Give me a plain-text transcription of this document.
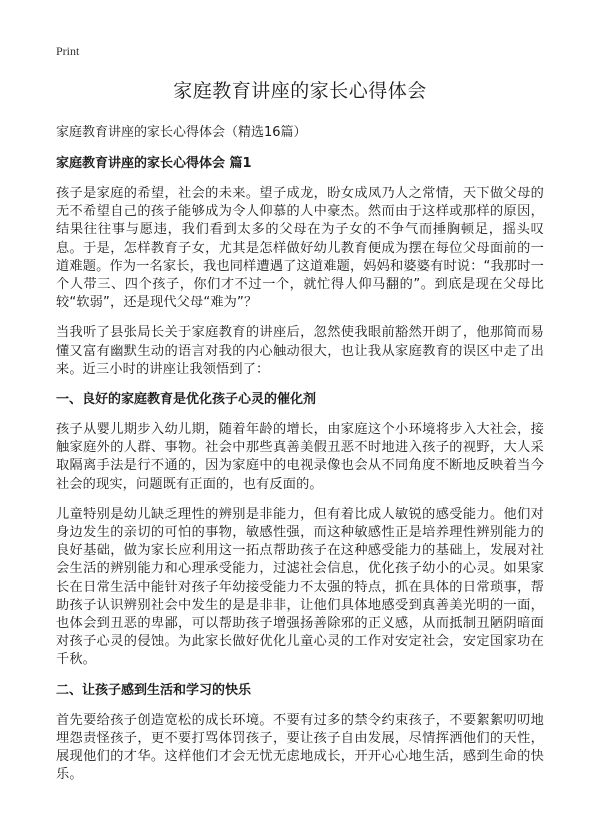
Print
家庭教育讲座的家长心得体会
家庭教育讲座的家长心得体会（精选16篇）
家庭教育讲座的家长心得体会 篇1

孩子是家庭的希望，社会的未来。望子成龙，盼女成凤乃人之常情，天下做父母的无不希望自己的孩子能够成为令人仰慕的人中豪杰。然而由于这样或那样的原因，结果往往事与愿违，我们看到太多的父母在为子女的不争气而捶胸顿足，摇头叹息。于是，怎样教育子女，尤其是怎样做好幼儿教育便成为摆在每位父母面前的一道难题。作为一名家长，我也同样遭遇了这道难题，妈妈和婆婆有时说：“我那时一个人带三、四个孩子，你们才不过一个，就忙得人仰马翻的”。到底是现在父母比较“软弱”，还是现代父母“难为”？

当我听了县张局长关于家庭教育的讲座后，忽然使我眼前豁然开朗了，他那简而易懂又富有幽默生动的语言对我的内心触动很大，也让我从家庭教育的误区中走了出来。近三小时的讲座让我领悟到了：

一、良好的家庭教育是优化孩子心灵的催化剂

孩子从婴儿期步入幼儿期，随着年龄的增长，由家庭这个小环境将步入大社会，接触家庭外的人群、事物。社会中那些真善美假丑恶不时地进入孩子的视野，大人采取隔离手法是行不通的，因为家庭中的电视录像也会从不同角度不断地反映着当今社会的现实，问题既有正面的，也有反面的。

儿童特别是幼儿缺乏理性的辨别是非能力，但有着比成人敏锐的感受能力。他们对身边发生的亲切的可怕的事物，敏感性强，而这种敏感性正是培养理性辨别能力的良好基础，做为家长应利用这一拓点帮助孩子在这种感受能力的基础上，发展对社会生活的辨别能力和心理承受能力，过滤社会信息，优化孩子幼小的心灵。如果家长在日常生活中能针对孩子年幼接受能力不太强的特点，抓在具体的日常琐事，帮助孩子认识辨别社会中发生的是是非非，让他们具体地感受到真善美光明的一面，也体会到丑恶的卑鄙，可以帮助孩子增强扬善除邪的正义感，从而抵制丑陋阴暗面对孩子心灵的侵蚀。为此家长做好优化儿童心灵的工作对安定社会，安定国家功在千秋。

二、让孩子感到生活和学习的快乐

首先要给孩子创造宽松的成长环境。不要有过多的禁令约束孩子，不要絮絮叨叨地埋怨责怪孩子，更不要打骂体罚孩子，要让孩子自由发展，尽情挥洒他们的天性，展现他们的才华。这样他们才会无忧无虑地成长，开开心心地生活，感到生命的快乐。
